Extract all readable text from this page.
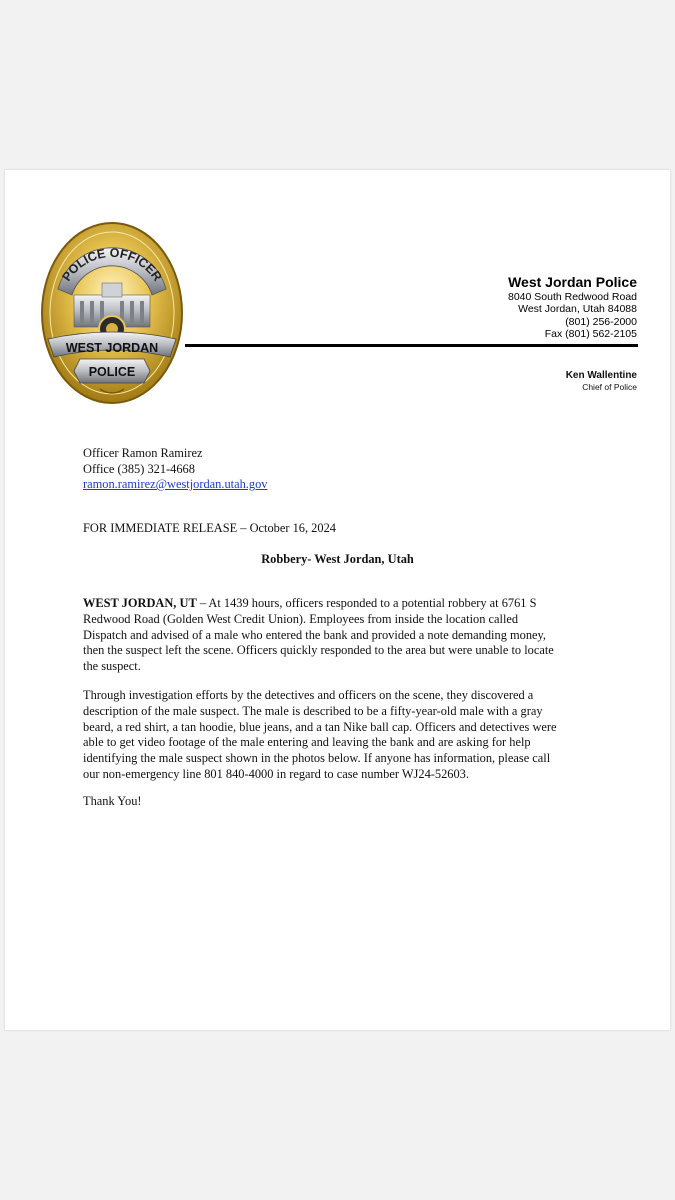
POLICE OFFICER
WEST JORDAN
POLICE
West Jordan Police
8040 South Redwood Road
West Jordan, Utah 84088
(801) 256-2000
Fax (801) 562-2105
Ken Wallentine
Chief of Police
Officer Ramon Ramirez
Office (385) 321-4668
ramon.ramirez@westjordan.utah.gov
FOR IMMEDIATE RELEASE – October 16, 2024
Robbery- West Jordan, Utah
WEST JORDAN, UT – At 1439 hours, officers responded to a potential robbery at 6761 S
Redwood Road (Golden West Credit Union). Employees from inside the location called
Dispatch and advised of a male who entered the bank and provided a note demanding money,
then the suspect left the scene. Officers quickly responded to the area but were unable to locate
the suspect.
Through investigation efforts by the detectives and officers on the scene, they discovered a
description of the male suspect. The male is described to be a fifty-year-old male with a gray
beard, a red shirt, a tan hoodie, blue jeans, and a tan Nike ball cap. Officers and detectives were
able to get video footage of the male entering and leaving the bank and are asking for help
identifying the male suspect shown in the photos below. If anyone has information, please call
our non-emergency line 801 840-4000 in regard to case number WJ24-52603.
Thank You!
